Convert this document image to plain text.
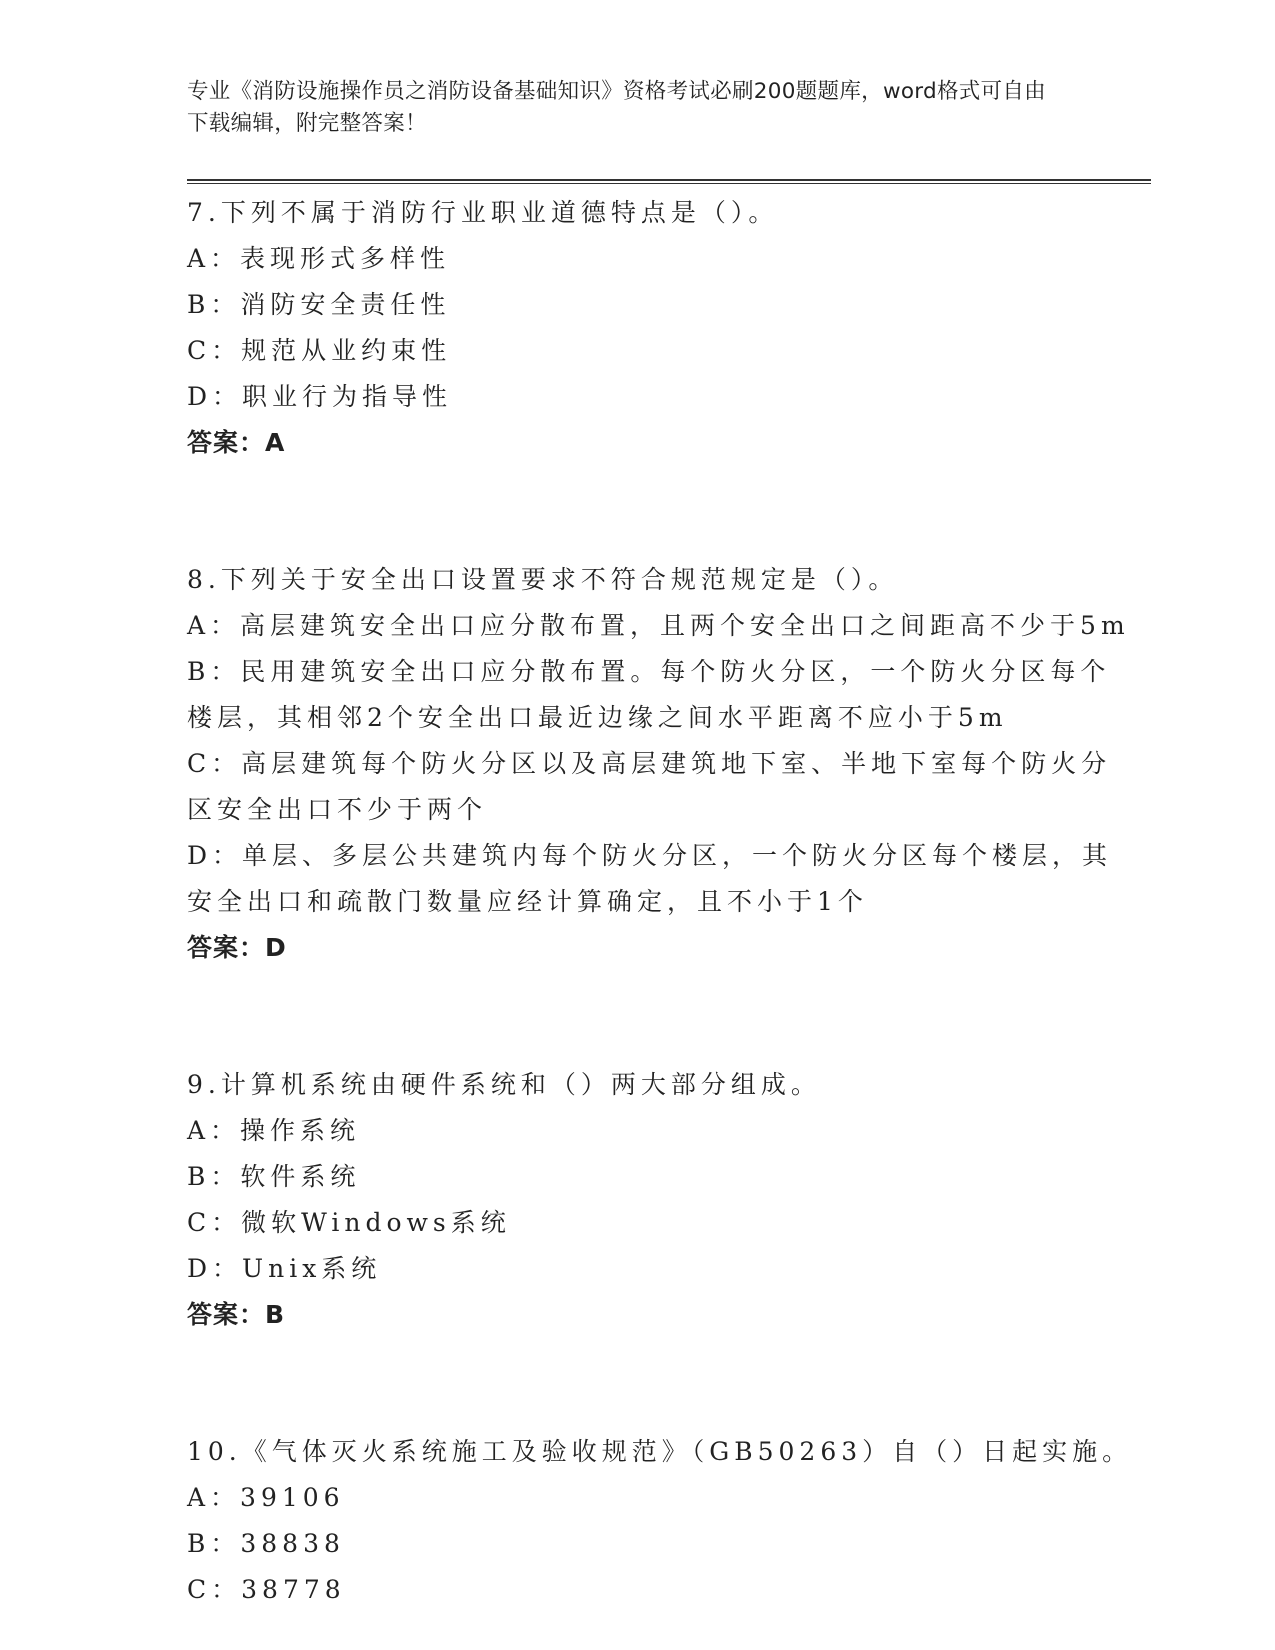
专业《消防设施操作员之消防设备基础知识》资格考试必刷200题题库，word格式可自由下载编辑，附完整答案！
7.下列不属于消防行业职业道德特点是（）。
A：表现形式多样性
B：消防安全责任性
C：规范从业约束性
D：职业行为指导性
答案：A
8.下列关于安全出口设置要求不符合规范规定是（）。
A：高层建筑安全出口应分散布置，且两个安全出口之间距高不少于5m
B：民用建筑安全出口应分散布置。每个防火分区，一个防火分区每个
楼层，其相邻2个安全出口最近边缘之间水平距离不应小于5m
C：高层建筑每个防火分区以及高层建筑地下室、半地下室每个防火分
区安全出口不少于两个
D：单层、多层公共建筑内每个防火分区，一个防火分区每个楼层，其
安全出口和疏散门数量应经计算确定，且不小于1个
答案：D
9.计算机系统由硬件系统和（）两大部分组成。
A：操作系统
B：软件系统
C：微软Windows系统
D：Unix系统
答案：B
10.《气体灭火系统施工及验收规范》（GB50263）自（）日起实施。
A：39106
B：38838
C：38778
